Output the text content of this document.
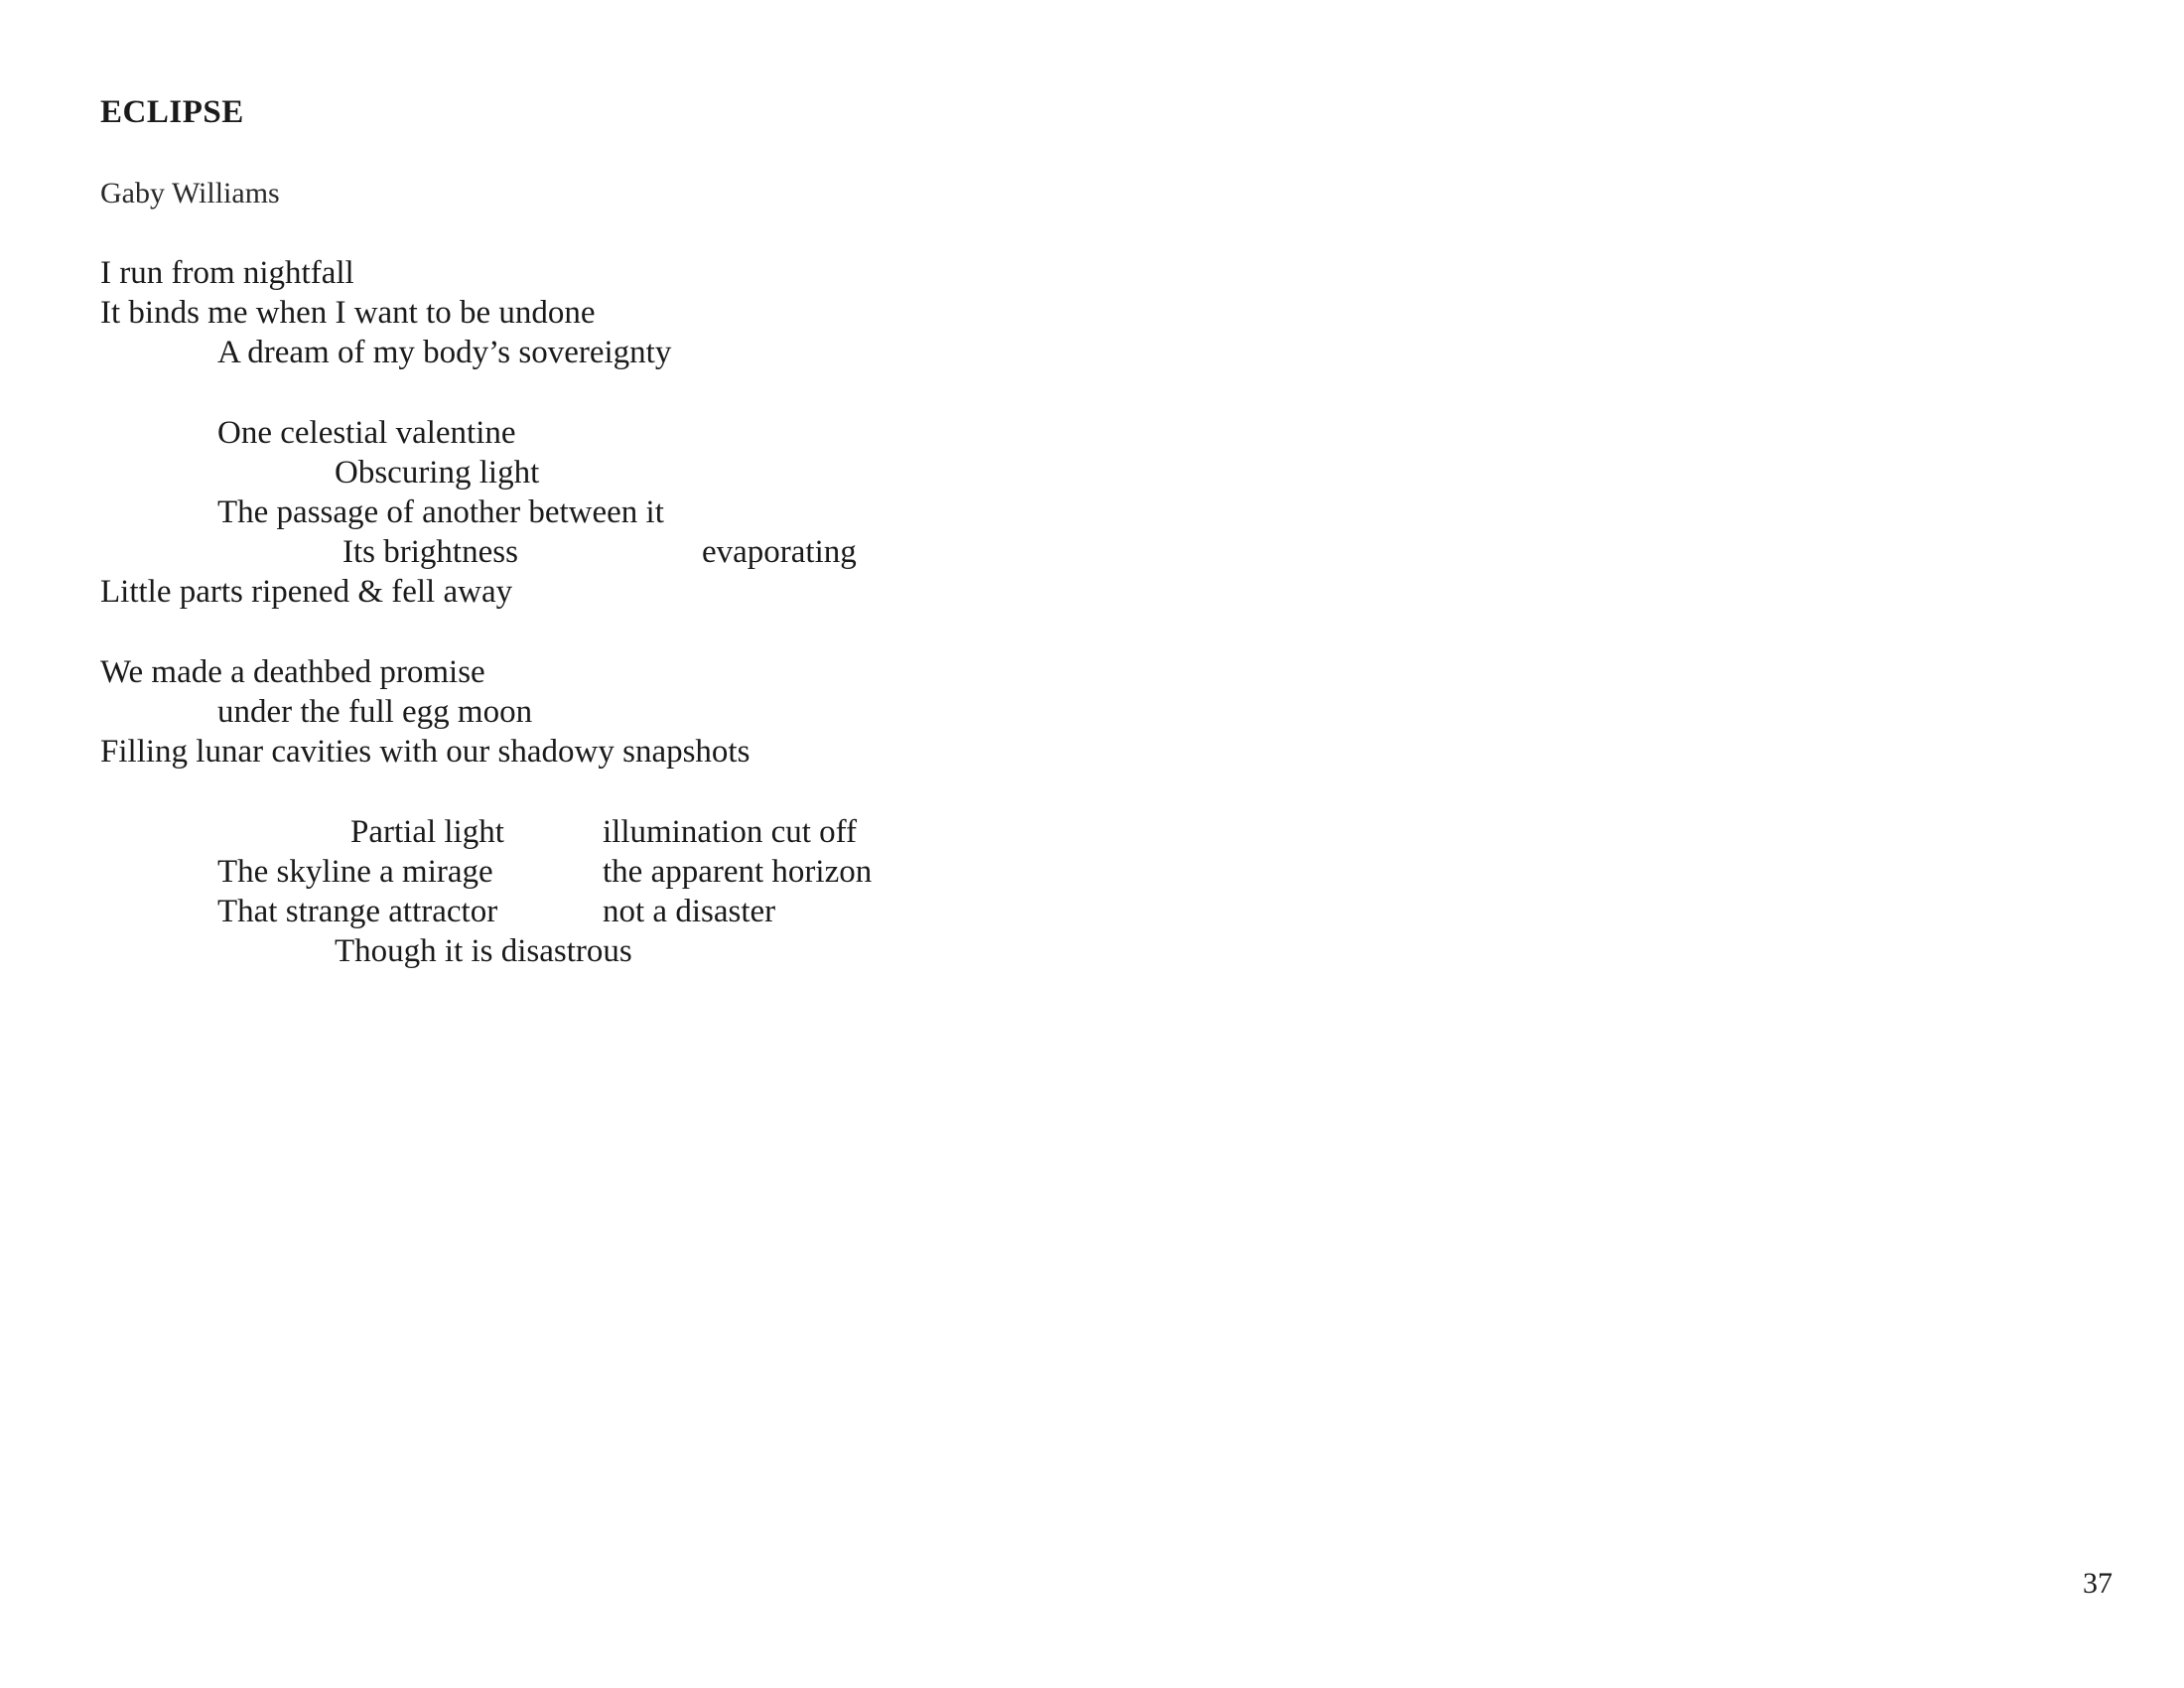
ECLIPSE
Gaby Williams
I run from nightfall
It binds me when I want to be undone
A dream of my body’s sovereignty
One celestial valentine
Obscuring light
The passage of another between it
Its brightness	evaporating
Little parts ripened & fell away
We made a deathbed promise
under the full egg moon
Filling lunar cavities with our shadowy snapshots
Partial light	illumination cut off
The skyline a mirage	the apparent horizon
That strange attractor	not a disaster
Though it is disastrous
37
